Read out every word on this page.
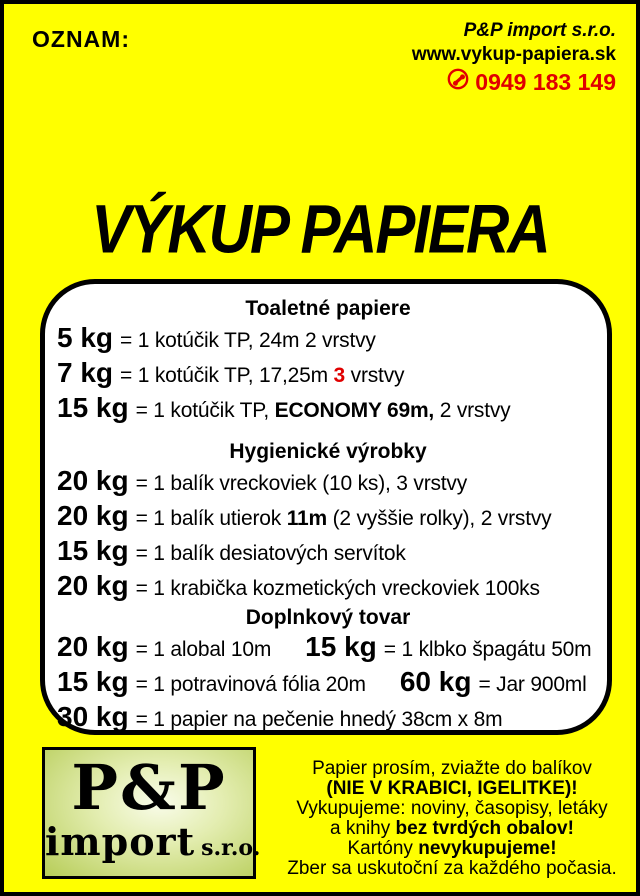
OZNAM:	P&P import s.r.o.
www.vykup-papiera.sk
0949 183 149
VÝKUP PAPIERA
Toaletné papiere
5 kg = 1 kotúčik TP, 24m 2 vrstvy
7 kg = 1 kotúčik TP, 17,25m 3 vrstvy
15 kg = 1 kotúčik TP, ECONOMY 69m, 2 vrstvy
Hygienické výrobky
20 kg = 1 balík vreckoviek (10 ks), 3 vrstvy
20 kg = 1 balík utierok 11m (2 vyššie rolky), 2 vrstvy
15 kg = 1 balík desiatových servítok
20 kg = 1 krabička kozmetických vreckoviek 100ks
Doplnkový tovar
20 kg = 1 alobal 10m 15 kg = 1 klbko špagátu 50m
15 kg = 1 potravinová fólia 20m 60 kg = Jar 900ml
30 kg = 1 papier na pečenie hnedý 38cm x 8m
P&P
import s.r.o.
Papier prosím, zviažte do balíkov
(NIE V KRABICI, IGELITKE)!
Vykupujeme: noviny, časopisy, letáky
a knihy bez tvrdých obalov!
Kartóny nevykupujeme!
Zber sa uskutoční za každého počasia.
